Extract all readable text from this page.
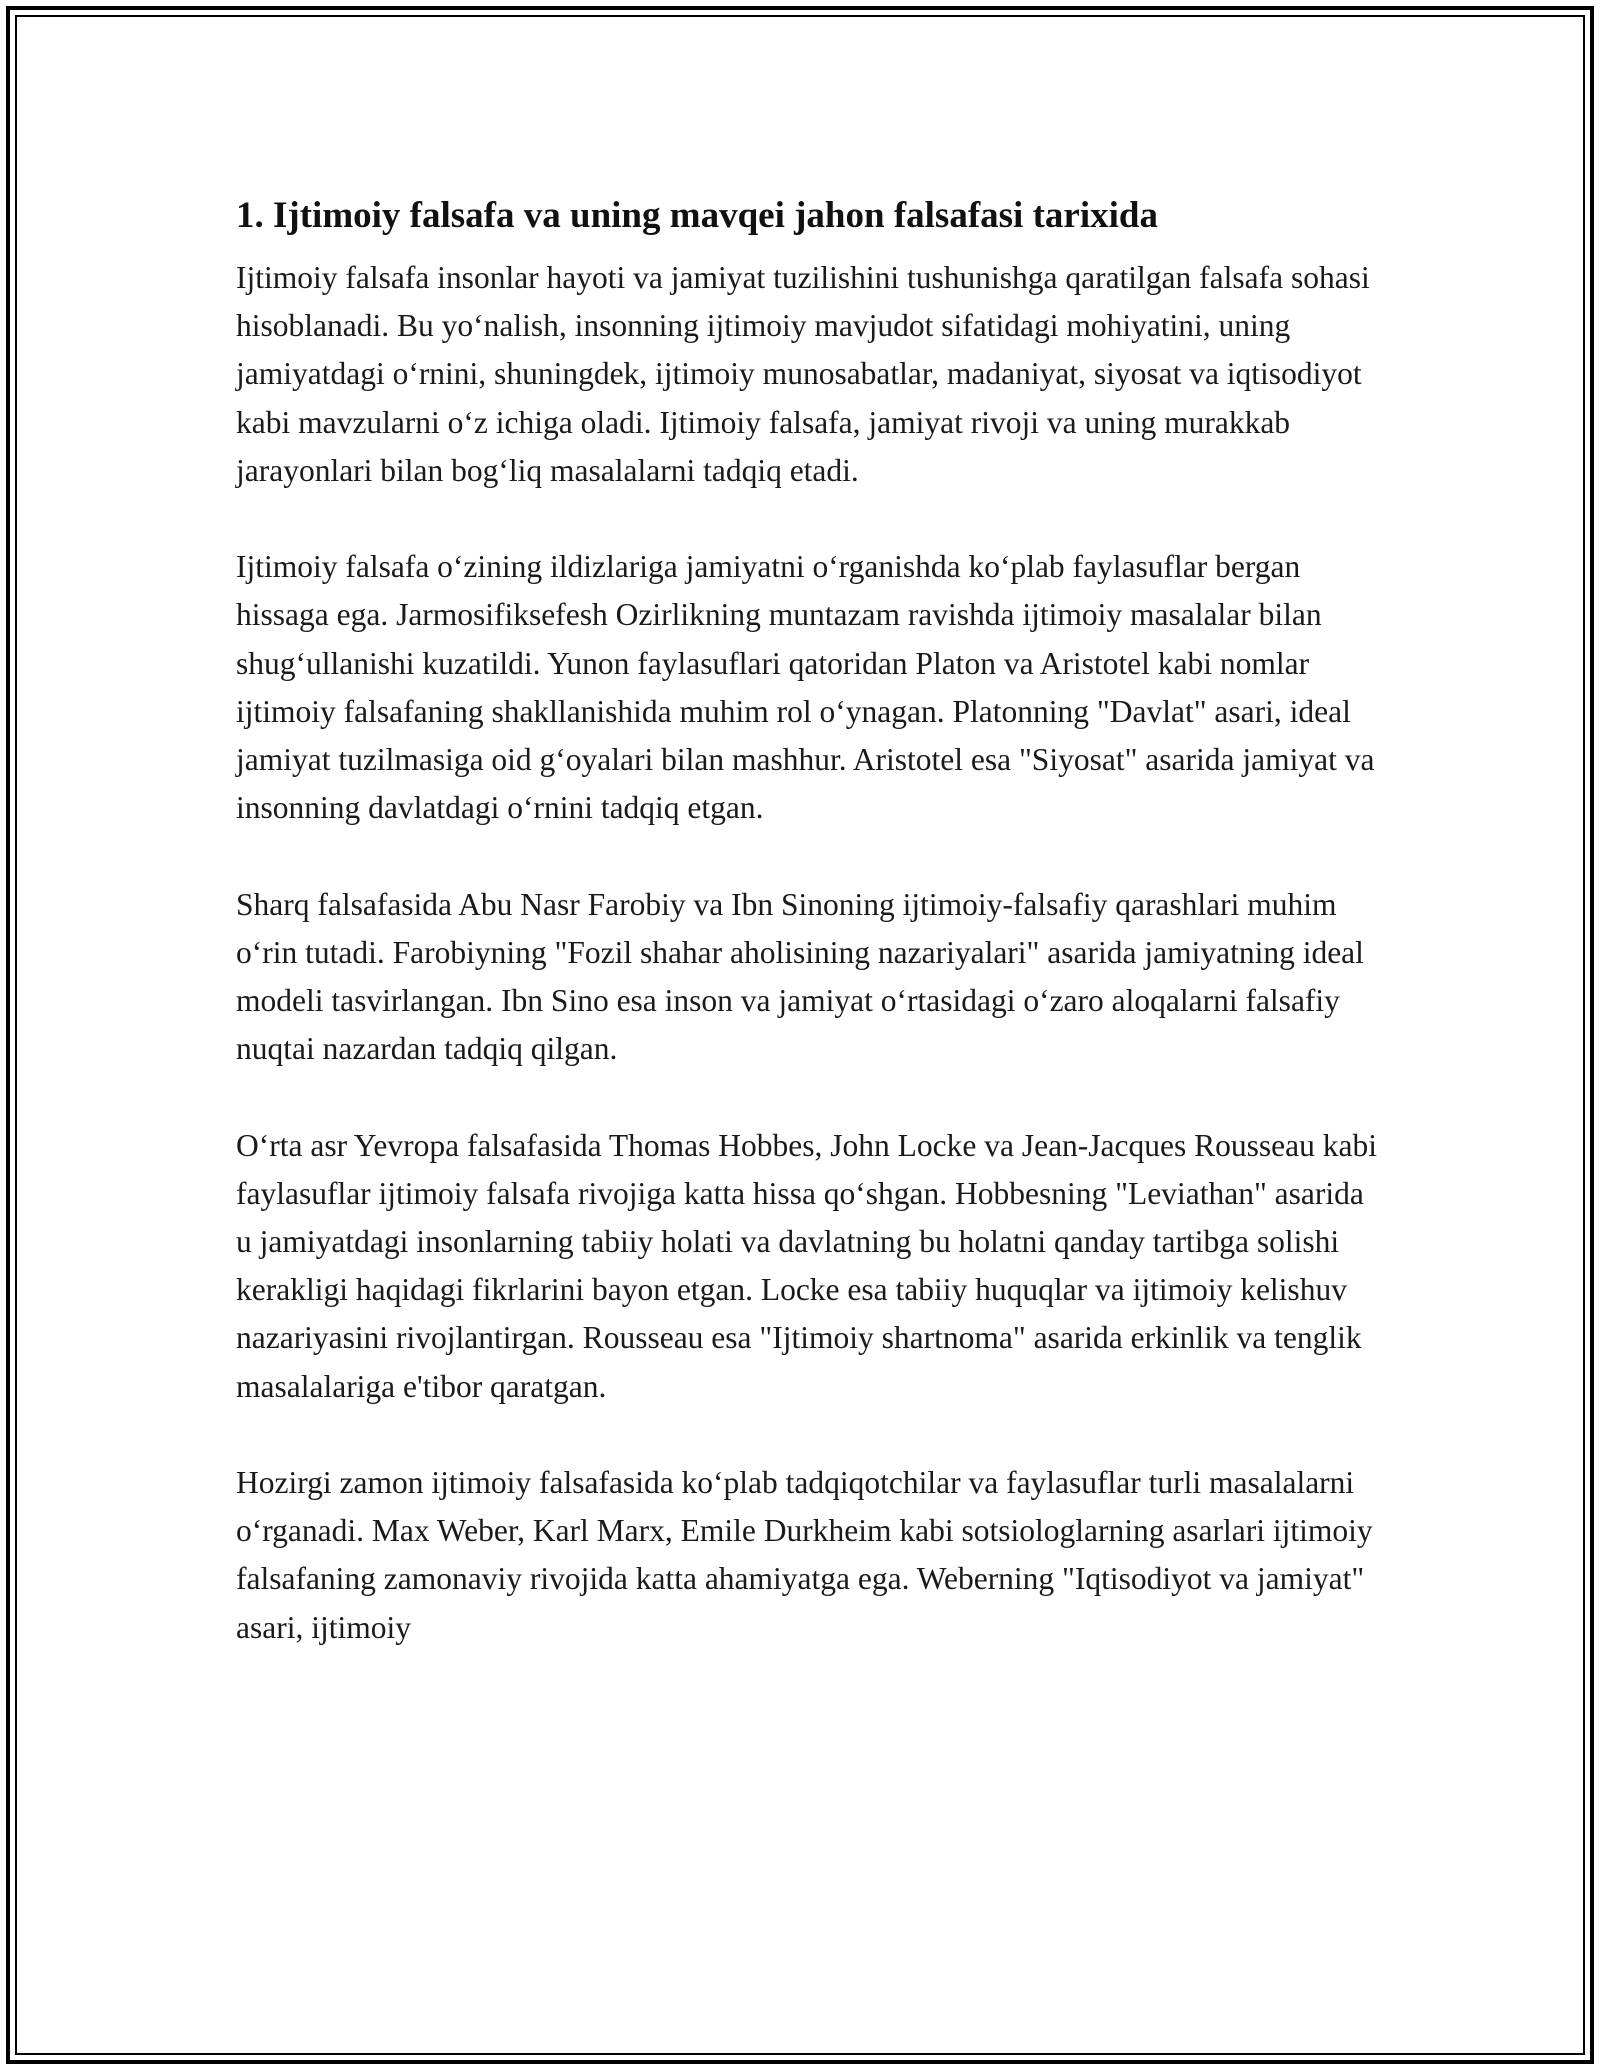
1. Ijtimoiy falsafa va uning mavqei jahon falsafasi tarixida

Ijtimoiy falsafa insonlar hayoti va jamiyat tuzilishini tushunishga qaratilgan falsafa sohasi hisoblanadi. Bu yo‘nalish, insonning ijtimoiy mavjudot sifatidagi mohiyatini, uning jamiyatdagi o‘rnini, shuningdek, ijtimoiy munosabatlar, madaniyat, siyosat va iqtisodiyot kabi mavzularni o‘z ichiga oladi. Ijtimoiy falsafa, jamiyat rivoji va uning murakkab jarayonlari bilan bog‘liq masalalarni tadqiq etadi.

Ijtimoiy falsafa o‘zining ildizlariga jamiyatni o‘rganishda ko‘plab faylasuflar bergan hissaga ega. Jarmosifiksefesh Ozirlikning muntazam ravishda ijtimoiy masalalar bilan shug‘ullanishi kuzatildi. Yunon faylasuflari qatoridan Platon va Aristotel kabi nomlar ijtimoiy falsafaning shakllanishida muhim rol o‘ynagan. Platonning "Davlat" asari, ideal jamiyat tuzilmasiga oid g‘oyalari bilan mashhur. Aristotel esa "Siyosat" asarida jamiyat va insonning davlatdagi o‘rnini tadqiq etgan.

Sharq falsafasida Abu Nasr Farobiy va Ibn Sinoning ijtimoiy-falsafiy qarashlari muhim o‘rin tutadi. Farobiyning "Fozil shahar aholisining nazariyalari" asarida jamiyatning ideal modeli tasvirlangan. Ibn Sino esa inson va jamiyat o‘rtasidagi o‘zaro aloqalarni falsafiy nuqtai nazardan tadqiq qilgan.

O‘rta asr Yevropa falsafasida Thomas Hobbes, John Locke va Jean-Jacques Rousseau kabi faylasuflar ijtimoiy falsafa rivojiga katta hissa qo‘shgan. Hobbesning "Leviathan" asarida u jamiyatdagi insonlarning tabiiy holati va davlatning bu holatni qanday tartibga solishi kerakligi haqidagi fikrlarini bayon etgan. Locke esa tabiiy huquqlar va ijtimoiy kelishuv nazariyasini rivojlantirgan. Rousseau esa "Ijtimoiy shartnoma" asarida erkinlik va tenglik masalalariga e'tibor qaratgan.

Hozirgi zamon ijtimoiy falsafasida ko‘plab tadqiqotchilar va faylasuflar turli masalalarni o‘rganadi. Max Weber, Karl Marx, Emile Durkheim kabi sotsiologlarning asarlari ijtimoiy falsafaning zamonaviy rivojida katta ahamiyatga ega. Weberning "Iqtisodiyot va jamiyat" asari, ijtimoiy
